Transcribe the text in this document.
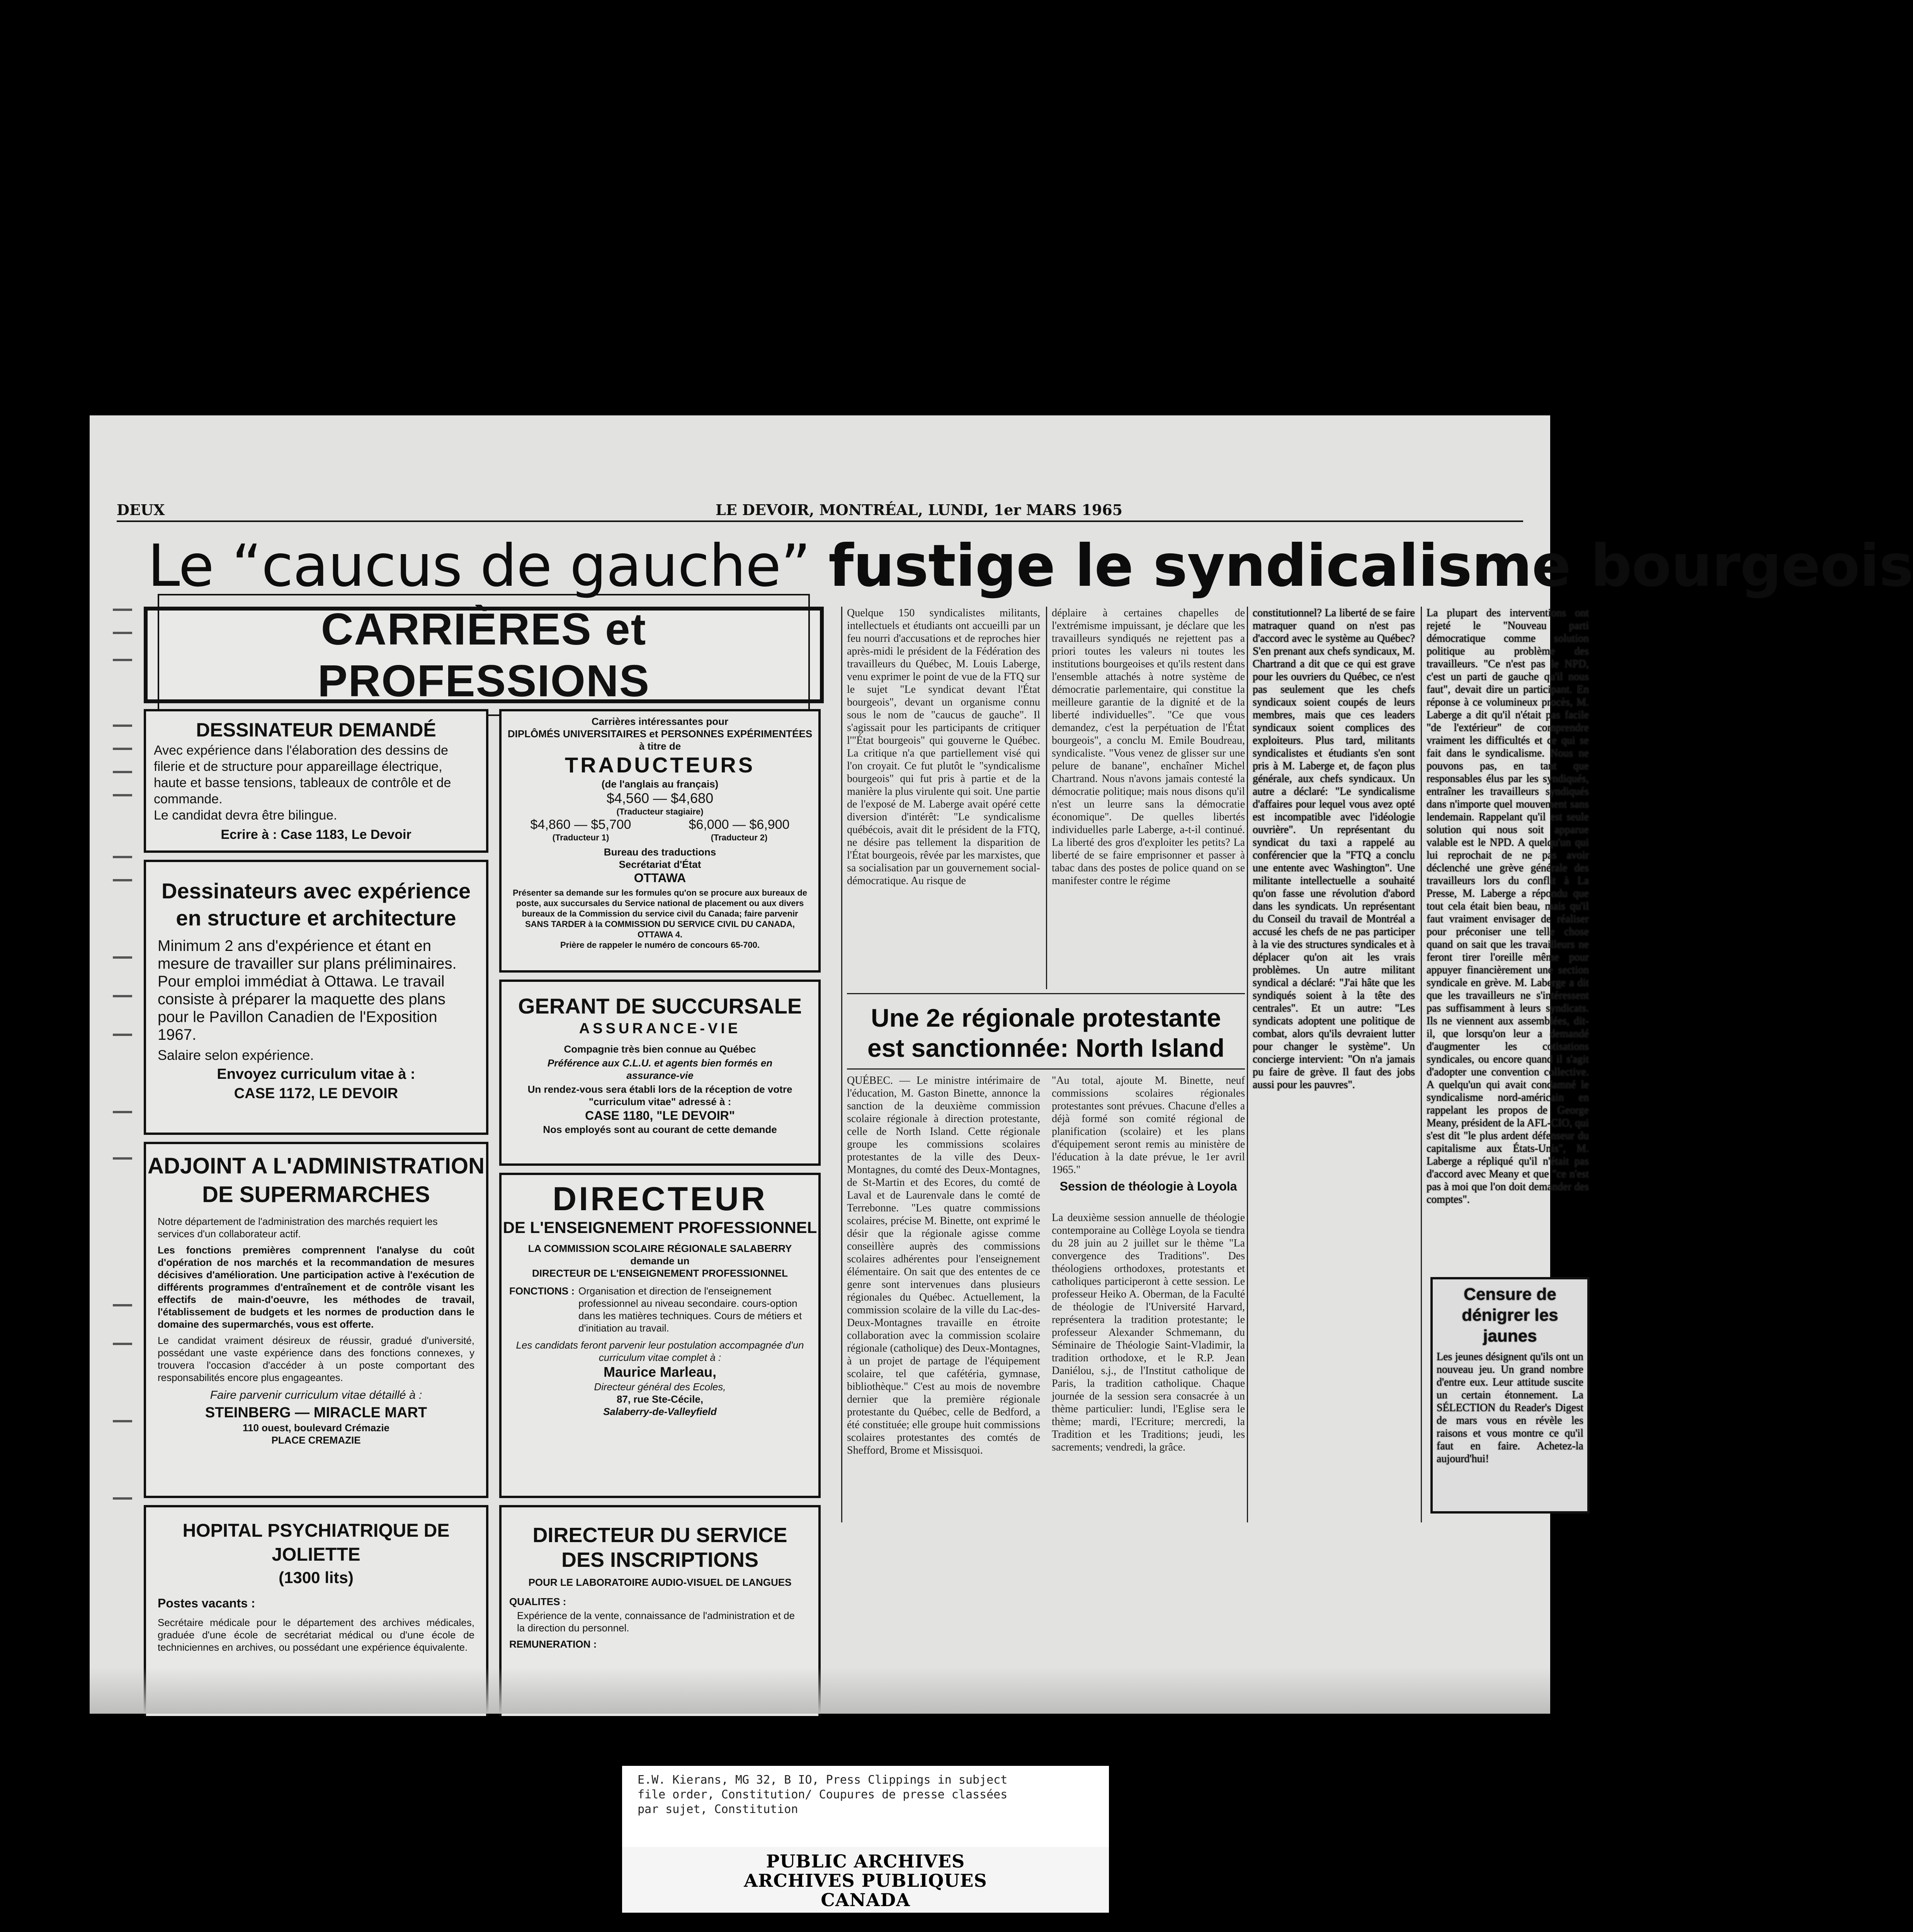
DEUX	LE DEVOIR, MONTRÉAL, LUNDI, 1er MARS 1965
Le “caucus de gauche” fustige le syndicalisme bourgeois
CARRIÈRES et PROFESSIONS
DESSINATEUR DEMANDÉ
Avec expérience dans l'élaboration des dessins de filerie et de structure pour appareillage électrique, haute et basse tensions, tableaux de contrôle et de commande.
Le candidat devra être bilingue.
Ecrire à : Case 1183, Le Devoir
Dessinateurs avec expérience
en structure et architecture
Minimum 2 ans d'expérience et étant en mesure de travailler sur plans préliminaires. Pour emploi immédiat à Ottawa. Le travail consiste à préparer la maquette des plans pour le Pavillon Canadien de l'Exposition 1967.
Salaire selon expérience.
Envoyez curriculum vitae à :
CASE 1172, LE DEVOIR
ADJOINT A L'ADMINISTRATION
DE SUPERMARCHES
Notre département de l'administration des marchés requiert les services d'un collaborateur actif.
Les fonctions premières comprennent l'analyse du coût d'opération de nos marchés et la recommandation de mesures décisives d'amélioration. Une participation active à l'exécution de différents programmes d'entraînement et de contrôle visant les effectifs de main-d'oeuvre, les méthodes de travail, l'établissement de budgets et les normes de production dans le domaine des supermarchés, vous est offerte.
Le candidat vraiment désireux de réussir, gradué d'université, possédant une vaste expérience dans des fonctions connexes, y trouvera l'occasion d'accéder à un poste comportant des responsabilités encore plus engageantes.
Faire parvenir curriculum vitae détaillé à :
STEINBERG — MIRACLE MART
110 ouest, boulevard Crémazie
PLACE CREMAZIE
HOPITAL PSYCHIATRIQUE DE JOLIETTE
(1300 lits)
Postes vacants :
Secrétaire médicale pour le département des archives médicales, graduée d'une école de secrétariat médical ou d'une école de techniciennes en archives, ou possédant une expérience équivalente.
Carrières intéressantes pour
DIPLÔMÉS UNIVERSITAIRES et PERSONNES EXPÉRIMENTÉES
à titre de
TRADUCTEURS
(de l'anglais au français)
$4,560 — $4,680
(Traducteur stagiaire)
$4,860 — $5,700	$6,000 — $6,900
(Traducteur 1)	(Traducteur 2)
Bureau des traductions
Secrétariat d'État
OTTAWA
Présenter sa demande sur les formules qu'on se procure aux bureaux de poste, aux succursales du Service national de placement ou aux divers bureaux de la Commission du service civil du Canada; faire parvenir SANS TARDER à la COMMISSION DU SERVICE CIVIL DU CANADA, OTTAWA 4.
Prière de rappeler le numéro de concours 65-700.
GERANT DE SUCCURSALE
ASSURANCE-VIE
Compagnie très bien connue au Québec
Préférence aux C.L.U. et agents bien formés en assurance-vie
Un rendez-vous sera établi lors de la réception de votre "curriculum vitae" adressé à :
CASE 1180, "LE DEVOIR"
Nos employés sont au courant de cette demande
DIRECTEUR
DE L'ENSEIGNEMENT PROFESSIONNEL
LA COMMISSION SCOLAIRE RÉGIONALE SALABERRY
demande un
DIRECTEUR DE L'ENSEIGNEMENT PROFESSIONNEL
FONCTIONS : Organisation et direction de l'enseignement professionnel au niveau secondaire. cours-option dans les matières techniques. Cours de métiers et d'initiation au travail.
Les candidats feront parvenir leur postulation accompagnée d'un curriculum vitae complet à :
Maurice Marleau,
Directeur général des Ecoles,
87, rue Ste-Cécile,
Salaberry-de-Valleyfield
DIRECTEUR DU SERVICE
DES INSCRIPTIONS
POUR LE LABORATOIRE AUDIO-VISUEL DE LANGUES
QUALITES :
Expérience de la vente, connaissance de l'administration et de la direction du personnel.
REMUNERATION :
Quelque 150 syndicalistes militants, intellectuels et étudiants ont accueilli par un feu nourri d'accusations et de reproches hier après-midi le président de la Fédération des travailleurs du Québec, M. Louis Laberge, venu exprimer le point de vue de la FTQ sur le sujet "Le syndicat devant l'État bourgeois", devant un organisme connu sous le nom de "caucus de gauche". Il s'agissait pour les participants de critiquer l'"État bourgeois" qui gouverne le Québec. La critique n'a que partiellement visé qui l'on croyait. Ce fut plutôt le "syndicalisme bourgeois" qui fut pris à partie et de la manière la plus virulente qui soit. Une partie de l'exposé de M. Laberge avait opéré cette diversion d'intérêt: "Le syndicalisme québécois, avait dit le président de la FTQ, ne désire pas tellement la disparition de l'État bourgeois, rêvée par les marxistes, que sa socialisation par un gouvernement social-démocratique. Au risque de
déplaire à certaines chapelles de l'extrémisme impuissant, je déclare que les travailleurs syndiqués ne rejettent pas a priori toutes les valeurs ni toutes les institutions bourgeoises et qu'ils restent dans l'ensemble attachés à notre système de démocratie parlementaire, qui constitue la meilleure garantie de la dignité et de la liberté individuelles". "Ce que vous demandez, c'est la perpétuation de l'État bourgeois", a conclu M. Emile Boudreau, syndicaliste. "Vous venez de glisser sur une pelure de banane", enchaîner Michel Chartrand. Nous n'avons jamais contesté la démocratie politique; mais nous disons qu'il n'est un leurre sans la démocratie économique". De quelles libertés individuelles parle Laberge, a-t-il continué. La liberté des gros d'exploiter les petits? La liberté de se faire emprisonner et passer à tabac dans des postes de police quand on se manifester contre le régime
constitutionnel? La liberté de se faire matraquer quand on n'est pas d'accord avec le système au Québec? S'en prenant aux chefs syndicaux, M. Chartrand a dit que ce qui est grave pour les ouvriers du Québec, ce n'est pas seulement que les chefs syndicaux soient coupés de leurs membres, mais que ces leaders syndicaux soient complices des exploiteurs. Plus tard, militants syndicalistes et étudiants s'en sont pris à M. Laberge et, de façon plus générale, aux chefs syndicaux. Un autre a déclaré: "Le syndicalisme d'affaires pour lequel vous avez opté est incompatible avec l'idéologie ouvrière". Un représentant du syndicat du taxi a rappelé au conférencier que la "FTQ a conclu une entente avec Washington". Une militante intellectuelle a souhaité qu'on fasse une révolution d'abord dans les syndicats. Un représentant du Conseil du travail de Montréal a accusé les chefs de ne pas participer à la vie des structures syndicales et à déplacer qu'on ait les vrais problèmes. Un autre militant syndical a déclaré: "J'ai hâte que les syndiqués soient à la tête des centrales". Et un autre: "Les syndicats adoptent une politique de combat, alors qu'ils devraient lutter pour changer le système". Un concierge intervient: "On n'a jamais pu faire de grève. Il faut des jobs aussi pour les pauvres".
La plupart des interventions ont rejeté le "Nouveau parti démocratique comme solution politique au problème des travailleurs. "Ce n'est pas le NPD, c'est un parti de gauche qu'il nous faut", devait dire un participant. En réponse à ce volumineux procès, M. Laberge a dit qu'il n'était pas facile "de l'extérieur" de comprendre vraiment les difficultés et ce qui se fait dans le syndicalisme. Nous ne pouvons pas, en tant que responsables élus par les syndiqués, entraîner les travailleurs syndiqués dans n'importe quel mouvement sans lendemain. Rappelant qu'il est seule solution qui nous soit apparue valable est le NPD. A quelqu'un qui lui reprochait de ne pas avoir déclenché une grève générale des travailleurs lors du conflit à La Presse, M. Laberge a répondu que tout cela était bien beau, mais qu'il faut vraiment envisager de réaliser pour préconiser une telle chose quand on sait que les travailleurs ne feront tirer l'oreille même pour appuyer financièrement une section syndicale en grève. M. Laberge a dit que les travailleurs ne s'intéressent pas suffisamment à leurs syndicats. Ils ne viennent aux assemblées, dit-il, que lorsqu'on leur a demandé d'augmenter les cotisations syndicales, ou encore quand il s'agit d'adopter une convention collective. A quelqu'un qui avait condamné le syndicalisme nord-américain en rappelant les propos de George Meany, président de la AFL-CIO, qui s'est dit "le plus ardent défenseur du capitalisme aux États-Unis", M. Laberge a répliqué qu'il n'était pas d'accord avec Meany et que "ce n'est pas à moi que l'on doit demander des comptes".
Censure de dénigrer les jaunes
Les jeunes désignent qu'ils ont un nouveau jeu. Un grand nombre d'entre eux. Leur attitude suscite un certain étonnement. La SÉLECTION du Reader's Digest de mars vous en révèle les raisons et vous montre ce qu'il faut en faire. Achetez-la aujourd'hui!
Une 2e régionale protestante
est sanctionnée: North Island
QUÉBEC. — Le ministre intérimaire de l'éducation, M. Gaston Binette, annonce la sanction de la deuxième commission scolaire régionale à direction protestante, celle de North Island. Cette régionale groupe les commissions scolaires protestantes de la ville des Deux-Montagnes, du comté des Deux-Montagnes, de St-Martin et des Ecores, du comté de Laval et de Laurenvale dans le comté de Terrebonne. "Les quatre commissions scolaires, précise M. Binette, ont exprimé le désir que la régionale agisse comme conseillère auprès des commissions scolaires adhérentes pour l'enseignement élémentaire. On sait que des ententes de ce genre sont intervenues dans plusieurs régionales du Québec. Actuellement, la commission scolaire de la ville du Lac-des-Deux-Montagnes travaille en étroite collaboration avec la commission scolaire régionale (catholique) des Deux-Montagnes, à un projet de partage de l'équipement scolaire, tel que cafétéria, gymnase, bibliothèque." C'est au mois de novembre dernier que la première régionale protestante du Québec, celle de Bedford, a été constituée; elle groupe huit commissions scolaires protestantes des comtés de Shefford, Brome et Missisquoi.
"Au total, ajoute M. Binette, neuf commissions scolaires régionales protestantes sont prévues. Chacune d'elles a déjà formé son comité régional de planification (scolaire) et les plans d'équipement seront remis au ministère de l'éducation à la date prévue, le 1er avril 1965."
Session de théologie à Loyola
La deuxième session annuelle de théologie contemporaine au Collège Loyola se tiendra du 28 juin au 2 juillet sur le thème "La convergence des Traditions". Des théologiens orthodoxes, protestants et catholiques participeront à cette session. Le professeur Heiko A. Oberman, de la Faculté de théologie de l'Université Harvard, représentera la tradition protestante; le professeur Alexander Schmemann, du Séminaire de Théologie Saint-Vladimir, la tradition orthodoxe, et le R.P. Jean Daniélou, s.j., de l'Institut catholique de Paris, la tradition catholique. Chaque journée de la session sera consacrée à un thème particulier: lundi, l'Eglise sera le thème; mardi, l'Ecriture; mercredi, la Tradition et les Traditions; jeudi, les sacrements; vendredi, la grâce.
E.W. Kierans, MG 32, B IO, Press Clippings in subject
file order, Constitution/ Coupures de presse classées
par sujet, Constitution
PUBLIC ARCHIVES
ARCHIVES PUBLIQUES
CANADA
